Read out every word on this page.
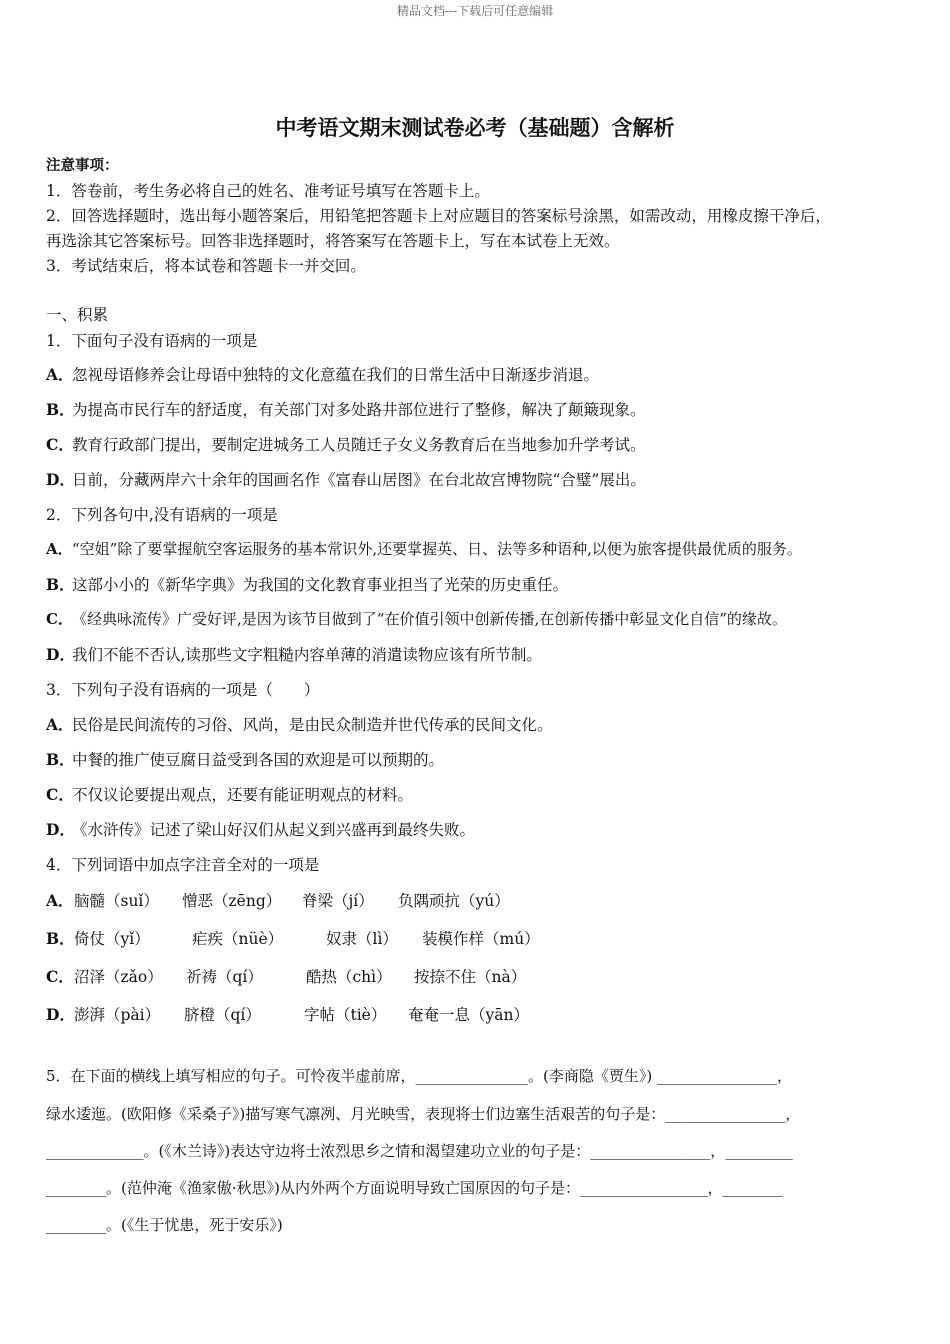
精品文档---下载后可任意编辑
中考语文期末测试卷必考（基础题）含解析
注意事项：
1．答卷前，考生务必将自己的姓名、准考证号填写在答题卡上。
2．回答选择题时，选出每小题答案后，用铅笔把答题卡上对应题目的答案标号涂黑，如需改动，用橡皮擦干净后，
再选涂其它答案标号。回答非选择题时，将答案写在答题卡上，写在本试卷上无效。
3．考试结束后，将本试卷和答题卡一并交回。
一、积累
1．下面句子没有语病的一项是
A．忽视母语修养会让母语中独特的文化意蕴在我们的日常生活中日渐逐步消退。
B．为提高市民行车的舒适度，有关部门对多处路井部位进行了整修，解决了颠簸现象。
C．教育行政部门提出，要制定进城务工人员随迁子女义务教育后在当地参加升学考试。
D．日前，分藏两岸六十余年的国画名作《富春山居图》在台北故宫博物院“合璧”展出。
2．下列各句中,没有语病的一项是
A．“空姐”除了要掌握航空客运服务的基本常识外,还要掌握英、日、法等多种语种,以便为旅客提供最优质的服务。
B．这部小小的《新华字典》为我国的文化教育事业担当了光荣的历史重任。
C．《经典咏流传》广受好评,是因为该节目做到了“在价值引领中创新传播,在创新传播中彰显文化自信”的缘故。
D．我们不能不否认,读那些文字粗糙内容单薄的消遣读物应该有所节制。
3．下列句子没有语病的一项是（　　）
A．民俗是民间流传的习俗、风尚，是由民众制造并世代传承的民间文化。
B．中餐的推广使豆腐日益受到各国的欢迎是可以预期的。
C．不仅议论要提出观点，还要有能证明观点的材料。
D．《水浒传》记述了梁山好汉们从起义到兴盛再到最终失败。
4．下列词语中加点字注音全对的一项是
A． 脑髓（suǐ） 憎恶（zēng） 脊梁（jí） 负隅顽抗（yú）
B． 倚仗（yǐ）	疟疾（nüè）	奴隶（lì） 装模作样（mú）
C． 沼泽（zǎo） 祈祷（qí）	酷热（chì） 按捺不住（nà）
D． 澎湃（pài） 脐橙（qí）	字帖（tiè） 奄奄一息（yān）
5．在下面的横线上填写相应的句子。可怜夜半虚前席，_______________。(李商隐《贾生》) ________________，
绿水逶迤。(欧阳修《采桑子》)描写寒气凛冽、月光映雪，表现将士们边塞生活艰苦的句子是：________________，
_____________。(《木兰诗》)表达守边将士浓烈思乡之情和渴望建功立业的句子是：________________，_________
________。(范仲淹《渔家傲·秋思》)从内外两个方面说明导致亡国原因的句子是：_________________，________
________。(《生于忧患，死于安乐》)
